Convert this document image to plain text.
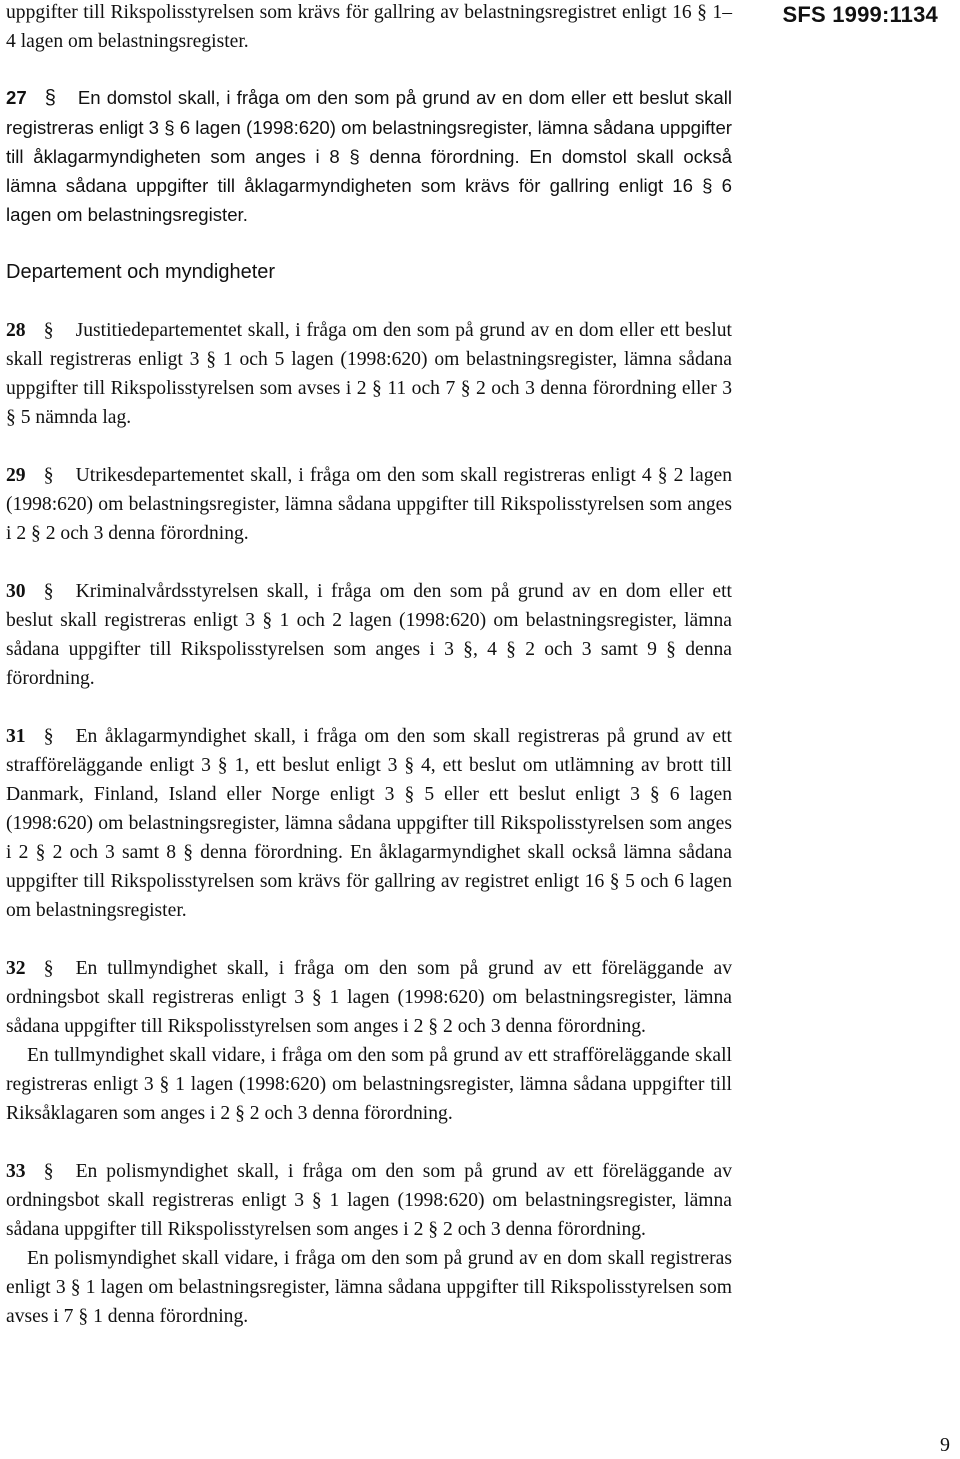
SFS 1999:1134

uppgifter till Rikspolisstyrelsen som krävs för gallring av belastningsregistret enligt 16 § 1–4 lagen om belastningsregister.

27 § En domstol skall, i fråga om den som på grund av en dom eller ett beslut skall registreras enligt 3 § 6 lagen (1998:620) om belastningsregister, lämna sådana uppgifter till åklagarmyndigheten som anges i 8 § denna förordning. En domstol skall också lämna sådana uppgifter till åklagarmyndigheten som krävs för gallring enligt 16 § 6 lagen om belastningsregister.

Departement och myndigheter

28 § Justitiedepartementet skall, i fråga om den som på grund av en dom eller ett beslut skall registreras enligt 3 § 1 och 5 lagen (1998:620) om belastningsregister, lämna sådana uppgifter till Rikspolisstyrelsen som avses i 2 § 11 och 7 § 2 och 3 denna förordning eller 3 § 5 nämnda lag.

29 § Utrikesdepartementet skall, i fråga om den som skall registreras enligt 4 § 2 lagen (1998:620) om belastningsregister, lämna sådana uppgifter till Rikspolisstyrelsen som anges i 2 § 2 och 3 denna förordning.

30 § Kriminalvårdsstyrelsen skall, i fråga om den som på grund av en dom eller ett beslut skall registreras enligt 3 § 1 och 2 lagen (1998:620) om belastningsregister, lämna sådana uppgifter till Rikspolisstyrelsen som anges i 3 §, 4 § 2 och 3 samt 9 § denna förordning.

31 § En åklagarmyndighet skall, i fråga om den som skall registreras på grund av ett strafföreläggande enligt 3 § 1, ett beslut enligt 3 § 4, ett beslut om utlämning av brott till Danmark, Finland, Island eller Norge enligt 3 § 5 eller ett beslut enligt 3 § 6 lagen (1998:620) om belastningsregister, lämna sådana uppgifter till Rikspolisstyrelsen som anges i 2 § 2 och 3 samt 8 § denna förordning. En åklagarmyndighet skall också lämna sådana uppgifter till Rikspolisstyrelsen som krävs för gallring av registret enligt 16 § 5 och 6 lagen om belastningsregister.

32 § En tullmyndighet skall, i fråga om den som på grund av ett föreläggande av ordningsbot skall registreras enligt 3 § 1 lagen (1998:620) om belastningsregister, lämna sådana uppgifter till Rikspolisstyrelsen som anges i 2 § 2 och 3 denna förordning.

En tullmyndighet skall vidare, i fråga om den som på grund av ett strafföreläggande skall registreras enligt 3 § 1 lagen (1998:620) om belastningsregister, lämna sådana uppgifter till Riksåklagaren som anges i 2 § 2 och 3 denna förordning.

33 § En polismyndighet skall, i fråga om den som på grund av ett föreläggande av ordningsbot skall registreras enligt 3 § 1 lagen (1998:620) om belastningsregister, lämna sådana uppgifter till Rikspolisstyrelsen som anges i 2 § 2 och 3 denna förordning.

En polismyndighet skall vidare, i fråga om den som på grund av en dom skall registreras enligt 3 § 1 lagen om belastningsregister, lämna sådana uppgifter till Rikspolisstyrelsen som avses i 7 § 1 denna förordning.

9
